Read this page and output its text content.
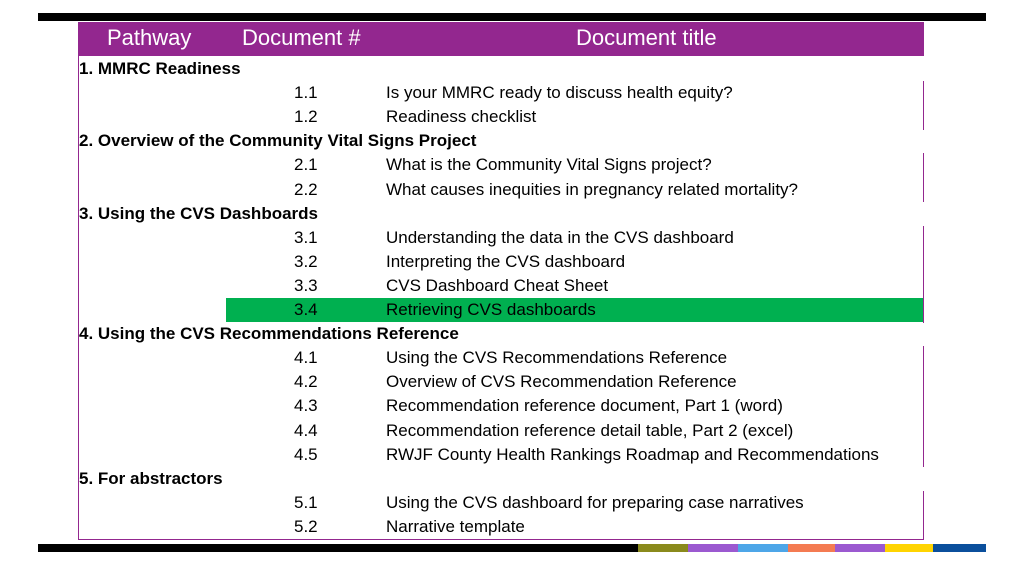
Pathway Document #	Document title
1. MMRC Readiness
1.1	Is your MMRC ready to discuss health equity?
1.2	Readiness checklist
2. Overview of the Community Vital Signs Project
2.1	What is the Community Vital Signs project?
2.2	What causes inequities in pregnancy related mortality?
3. Using the CVS Dashboards
3.1	Understanding the data in the CVS dashboard
3.2	Interpreting the CVS dashboard
3.3	CVS Dashboard Cheat Sheet
3.4	Retrieving CVS dashboards
4. Using the CVS Recommendations Reference
4.1	Using the CVS Recommendations Reference
4.2	Overview of CVS Recommendation Reference
4.3	Recommendation reference document, Part 1 (word)
4.4	Recommendation reference detail table, Part 2 (excel)
4.5	RWJF County Health Rankings Roadmap and Recommendations
5. For abstractors
5.1	Using the CVS dashboard for preparing case narratives
5.2	Narrative template
